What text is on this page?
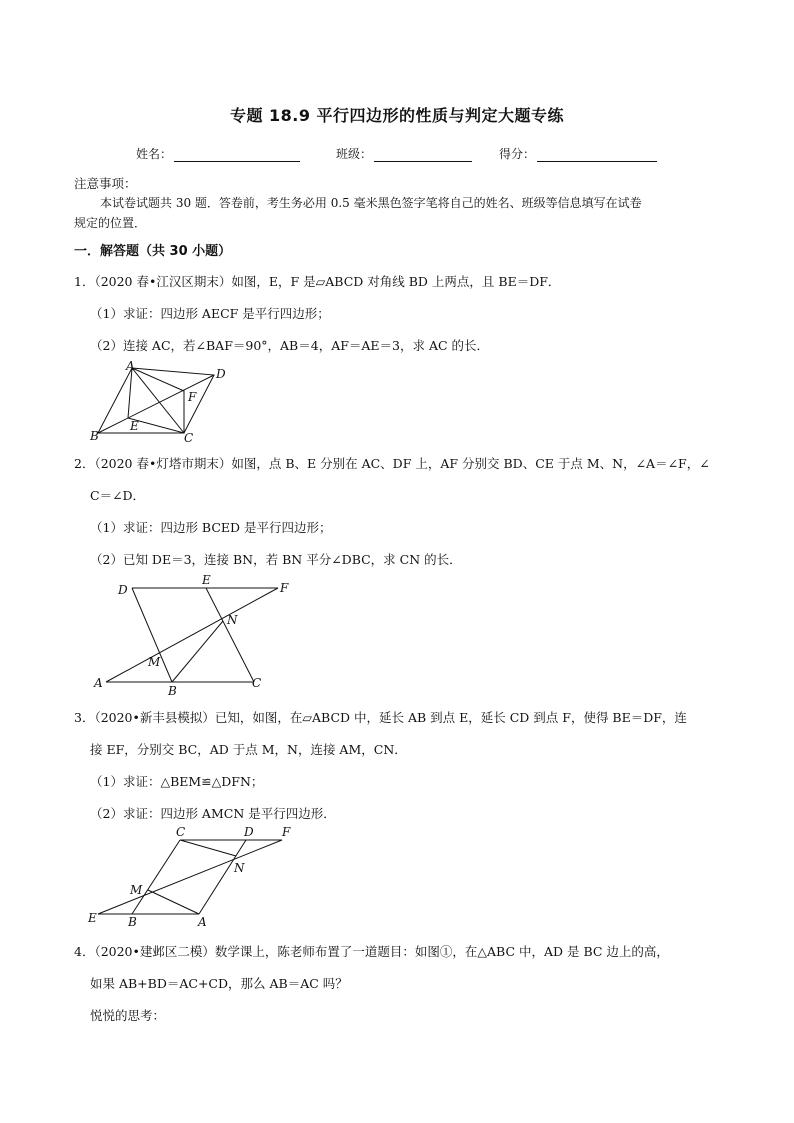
专题 18.9 平行四边形的性质与判定大题专练
姓名：	班级：	得分：
注意事项：
本试卷试题共 30 题．答卷前，考生务必用 0.5 毫米黑色签字笔将自己的姓名、班级等信息填写在试卷
规定的位置．
一．解答题（共 30 小题）
1．（2020 春•江汉区期末）如图，E，F 是▱ABCD 对角线 BD 上两点，且 BE＝DF．
（1）求证：四边形 AECF 是平行四边形；
（2）连接 AC，若∠BAF＝90°，AB＝4，AF＝AE＝3，求 AC 的长．
A
D
F
E
B	C
2．（2020 春•灯塔市期末）如图，点 B、E 分别在 AC、DF 上，AF 分别交 BD、CE 于点 M、N，∠A＝∠F，∠
C＝∠D．
（1）求证：四边形 BCED 是平行四边形；
（2）已知 DE＝3，连接 BN，若 BN 平分∠DBC，求 CN 的长．
D
E
F
N
M
A
B
C
3．（2020•新丰县模拟）已知，如图，在▱ABCD 中，延长 AB 到点 E，延长 CD 到点 F，使得 BE＝DF，连
接 EF，分别交 BC，AD 于点 M，N，连接 AM，CN．
（1）求证：△BEM≌△DFN；
（2）求证：四边形 AMCN 是平行四边形．
C	D F
N
M
E	B	A
4．（2020•建邺区二模）数学课上，陈老师布置了一道题目：如图①，在△ABC 中，AD 是 BC 边上的高，
如果 AB+BD＝AC+CD，那么 AB＝AC 吗？
悦悦的思考：
